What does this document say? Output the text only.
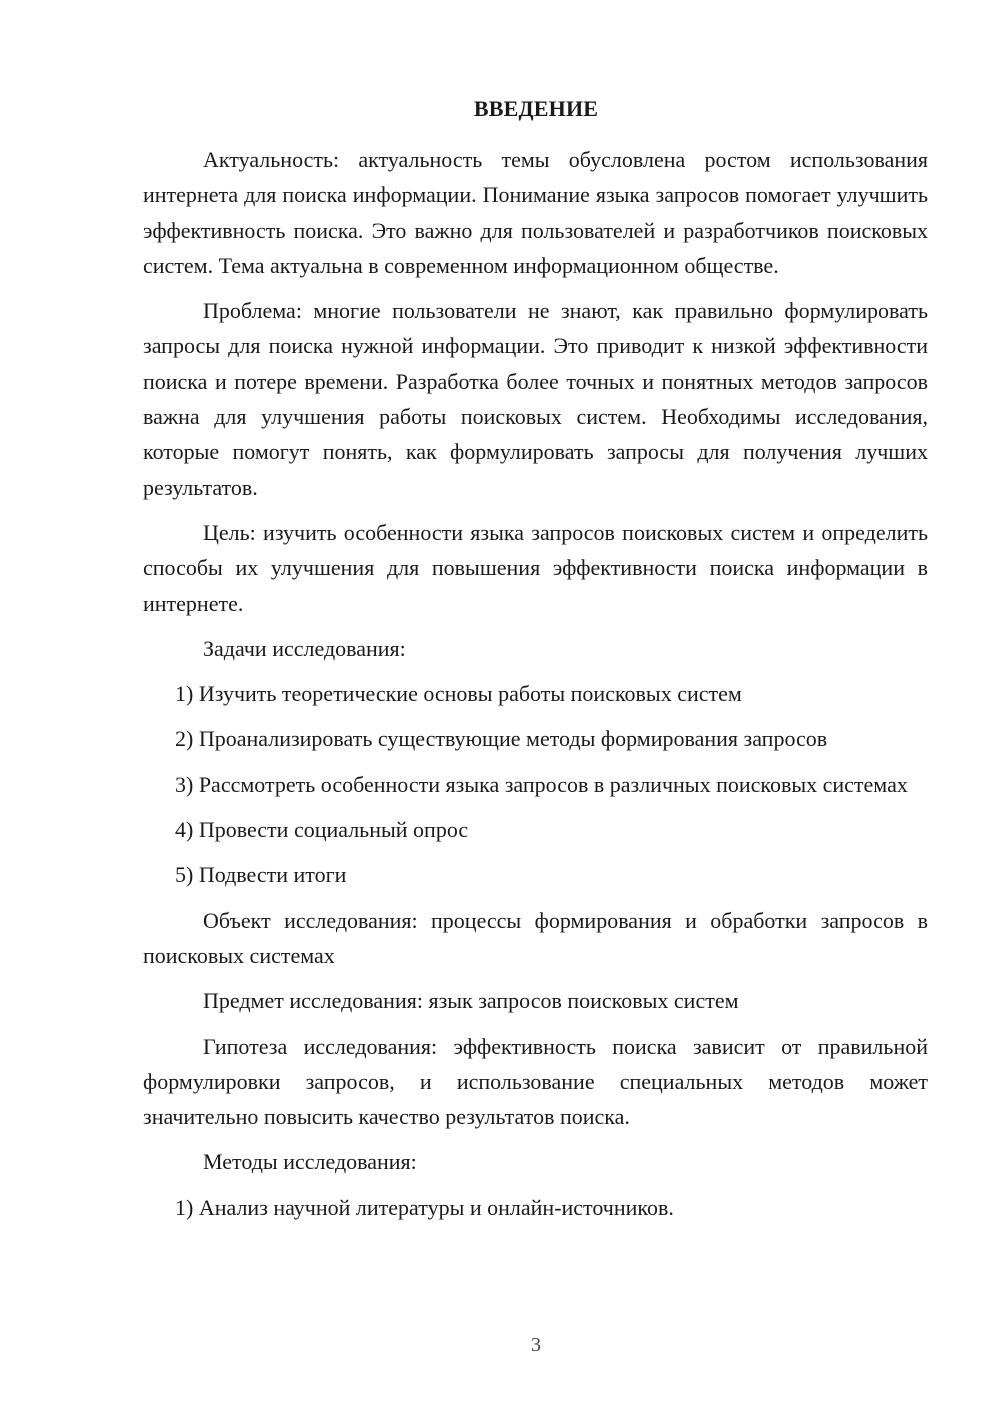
ВВЕДЕНИЕ

Актуальность: актуальность темы обусловлена ростом использования интернета для поиска информации. Понимание языка запросов помогает улучшить эффективность поиска. Это важно для пользователей и разработчиков поисковых систем. Тема актуальна в современном информационном обществе.

Проблема: многие пользователи не знают, как правильно формулировать запросы для поиска нужной информации. Это приводит к низкой эффективности поиска и потере времени. Разработка более точных и понятных методов запросов важна для улучшения работы поисковых систем. Необходимы исследования, которые помогут понять, как формулировать запросы для получения лучших результатов.

Цель: изучить особенности языка запросов поисковых систем и определить способы их улучшения для повышения эффективности поиска информации в интернете.

Задачи исследования:

1) Изучить теоретические основы работы поисковых систем

2) Проанализировать существующие методы формирования запросов

3) Рассмотреть особенности языка запросов в различных поисковых системах

4) Провести социальный опрос

5) Подвести итоги

Объект исследования: процессы формирования и обработки запросов в поисковых системах

Предмет исследования: язык запросов поисковых систем

Гипотеза исследования: эффективность поиска зависит от правильной формулировки запросов, и использование специальных методов может значительно повысить качество результатов поиска.

Методы исследования:

1) Анализ научной литературы и онлайн-источников.

3
